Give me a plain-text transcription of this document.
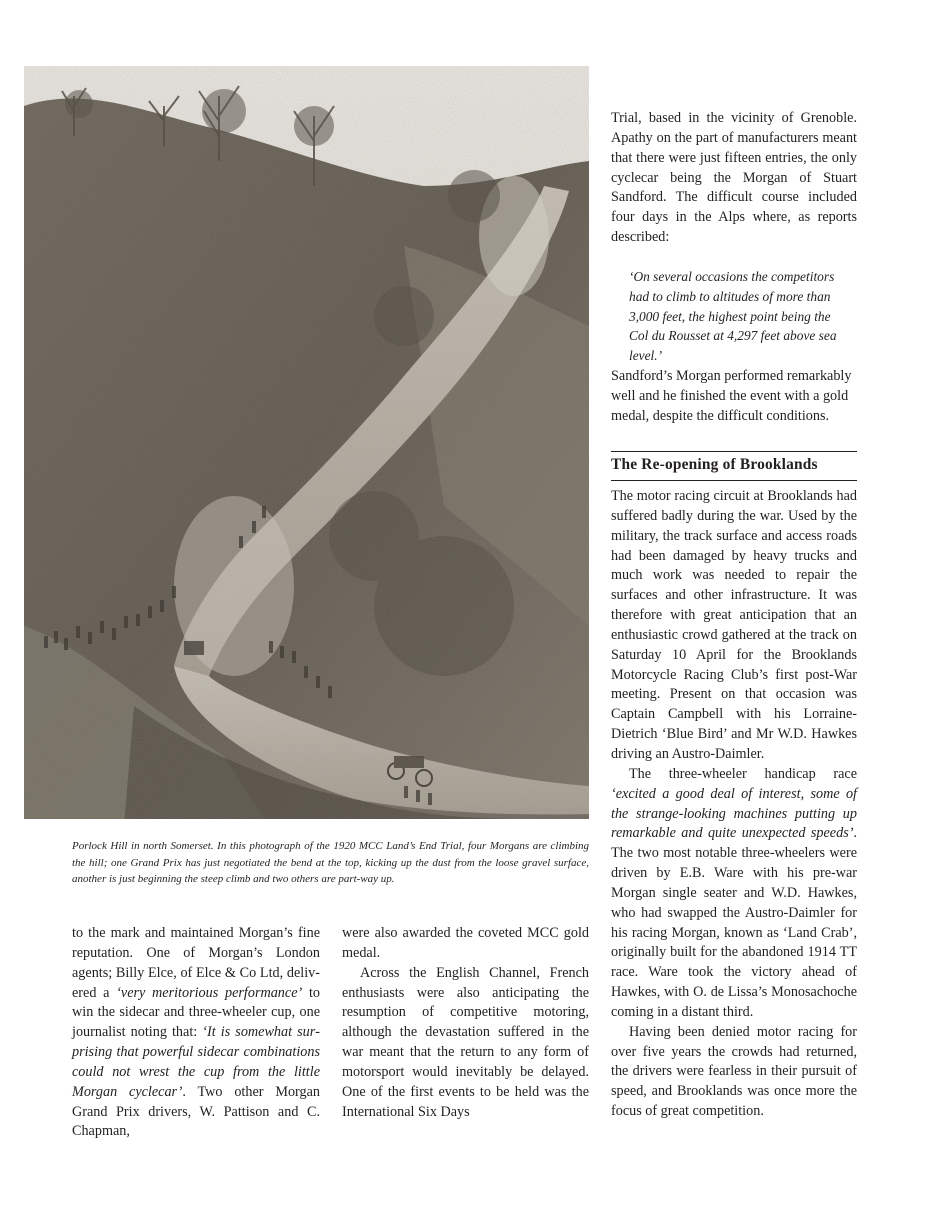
Porlock Hill in north Somerset. In this photograph of the 1920 MCC Land’s End Trial, four Morgans are climbing the hill; one Grand Prix has just negotiated the bend at the top, kicking up the dust from the loose gravel surface, another is just beginning the steep climb and two others are part-way up.

to the mark and maintained Morgan’s fine reputation. One of Morgan’s London agents; Billy Elce, of Elce & Co Ltd, delivered a ‘very meritorious performance’ to win the sidecar and three-wheeler cup, one journalist noting that: ‘It is somewhat surprising that powerful sidecar combinations could not wrest the cup from the little Morgan cyclecar’. Two other Morgan Grand Prix drivers, W. Pattison and C. Chapman,

were also awarded the coveted MCC gold medal.

Across the English Channel, French enthusiasts were also anticipating the resumption of competitive motoring, although the devastation suffered in the war meant that the return to any form of motorsport would inevitably be delayed. One of the first events to be held was the International Six Days

Trial, based in the vicinity of Grenoble. Apathy on the part of manufacturers meant that there were just fifteen entries, the only cyclecar being the Morgan of Stuart Sandford. The difficult course included four days in the Alps where, as reports described:

‘On several occasions the competitors had to climb to altitudes of more than 3,000 feet, the highest point being the Col du Rousset at 4,297 feet above sea level.’

Sandford’s Morgan performed remarkably well and he finished the event with a gold medal, despite the difficult conditions.

The Re-opening of Brooklands

The motor racing circuit at Brooklands had suffered badly during the war. Used by the military, the track surface and access roads had been damaged by heavy trucks and much work was needed to repair the surfaces and other infrastructure. It was therefore with great anticipation that an enthusiastic crowd gathered at the track on Saturday 10 April for the Brooklands Motorcycle Racing Club’s first post-War meeting. Present on that occasion was Captain Campbell with his Lorraine-Dietrich ‘Blue Bird’ and Mr W.D. Hawkes driving an Austro-Daimler.

The three-wheeler handicap race ‘excited a good deal of interest, some of the strange-looking machines putting up remarkable and quite unexpected speeds’. The two most notable three-wheelers were driven by E.B. Ware with his pre-war Morgan single seater and W.D. Hawkes, who had swapped the Austro-Daimler for his racing Morgan, known as ‘Land Crab’, originally built for the abandoned 1914 TT race. Ware took the victory ahead of Hawkes, with O. de Lissa’s Monosachoche coming in a distant third.

Having been denied motor racing for over five years the crowds had returned, the drivers were fearless in their pursuit of speed, and Brooklands was once more the focus of great competition.
